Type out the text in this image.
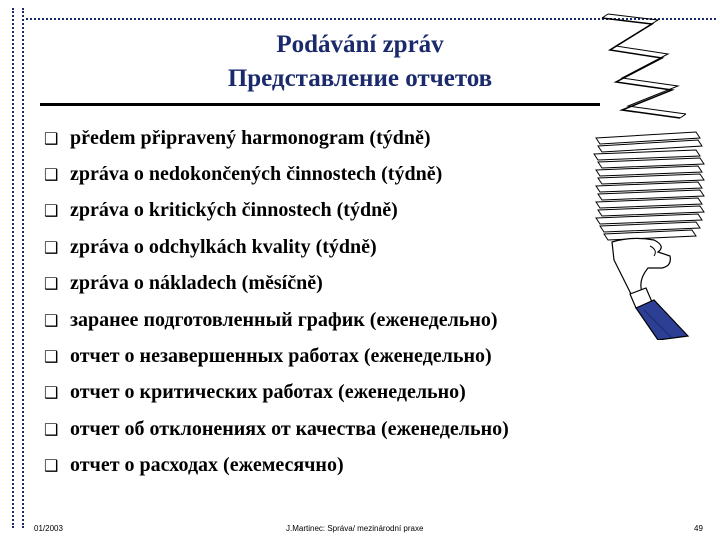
Podávání zpráv
Представление отчетов
❑ předem připravený harmonogram (týdně)
❑ zpráva o nedokončených činnostech (týdně)
❑ zpráva o kritických činnostech (týdně)
❑ zpráva o odchylkách kvality (týdně)
❑ zpráva o nákladech (měsíčně)
❑ заранее подготовленный график (еженедельно)
❑ отчет о незавершенных работах (еженедельно)
❑ отчет о критических работах (еженедельно)
❑ отчет об отклонениях от качества (еженедельно)
❑ отчет о расходах (ежемесячно)
01/2003	J.Martinec: Správa/ mezinárodní praxe	49
